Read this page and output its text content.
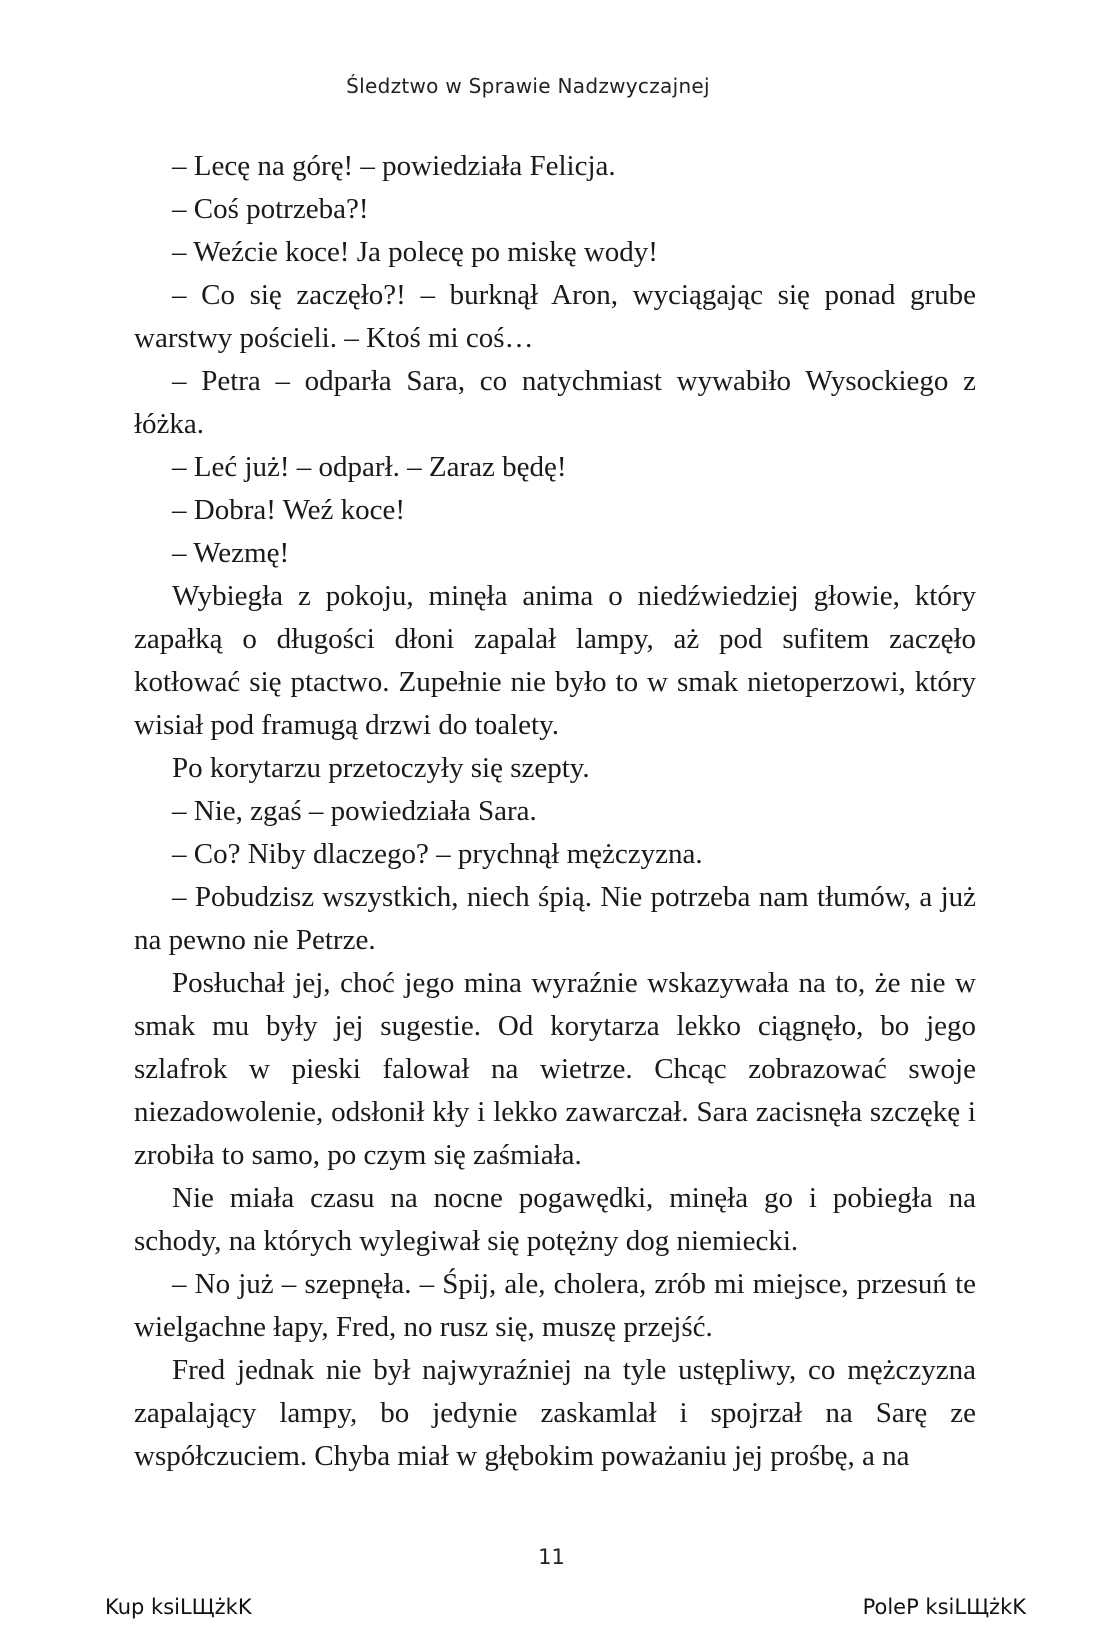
Śledztwo w Sprawie Nadzwyczajnej

– Lecę na górę! – powiedziała Felicja.

– Coś potrzeba?!

– Weźcie koce! Ja polecę po miskę wody!

– Co się zaczęło?! – burknął Aron, wyciągając się ponad grube warstwy pościeli. – Ktoś mi coś…

– Petra – odparła Sara, co natychmiast wywabiło Wysockiego z łóżka.

– Leć już! – odparł. – Zaraz będę!

– Dobra! Weź koce!

– Wezmę!

Wybiegła z pokoju, minęła anima o niedźwiedziej głowie, który zapałką o długości dłoni zapalał lampy, aż pod sufitem zaczęło kotłować się ptactwo. Zupełnie nie było to w smak nietoperzowi, który wisiał pod framugą drzwi do toalety.

Po korytarzu przetoczyły się szepty.

– Nie, zgaś – powiedziała Sara.

– Co? Niby dlaczego? – prychnął mężczyzna.

– Pobudzisz wszystkich, niech śpią. Nie potrzeba nam tłumów, a już na pewno nie Petrze.

Posłuchał jej, choć jego mina wyraźnie wskazywała na to, że nie w smak mu były jej sugestie. Od korytarza lekko ciągnęło, bo jego szlafrok w pieski falował na wietrze. Chcąc zobrazować swoje niezadowolenie, odsłonił kły i lekko zawarczał. Sara zacisnęła szczękę i zrobiła to samo, po czym się zaśmiała.

Nie miała czasu na nocne pogawędki, minęła go i pobiegła na schody, na których wylegiwał się potężny dog niemiecki.

– No już – szepnęła. – Śpij, ale, cholera, zrób mi miejsce, przesuń te wielgachne łapy, Fred, no rusz się, muszę przejść.

Fred jednak nie był najwyraźniej na tyle ustępliwy, co mężczyzna zapalający lampy, bo jedynie zaskamlał i spojrzał na Sarę ze współczuciem. Chyba miał w głębokim poważaniu jej prośbę, a na

11
Kup ksiLЩżkK	PoleP ksiLЩżkK
